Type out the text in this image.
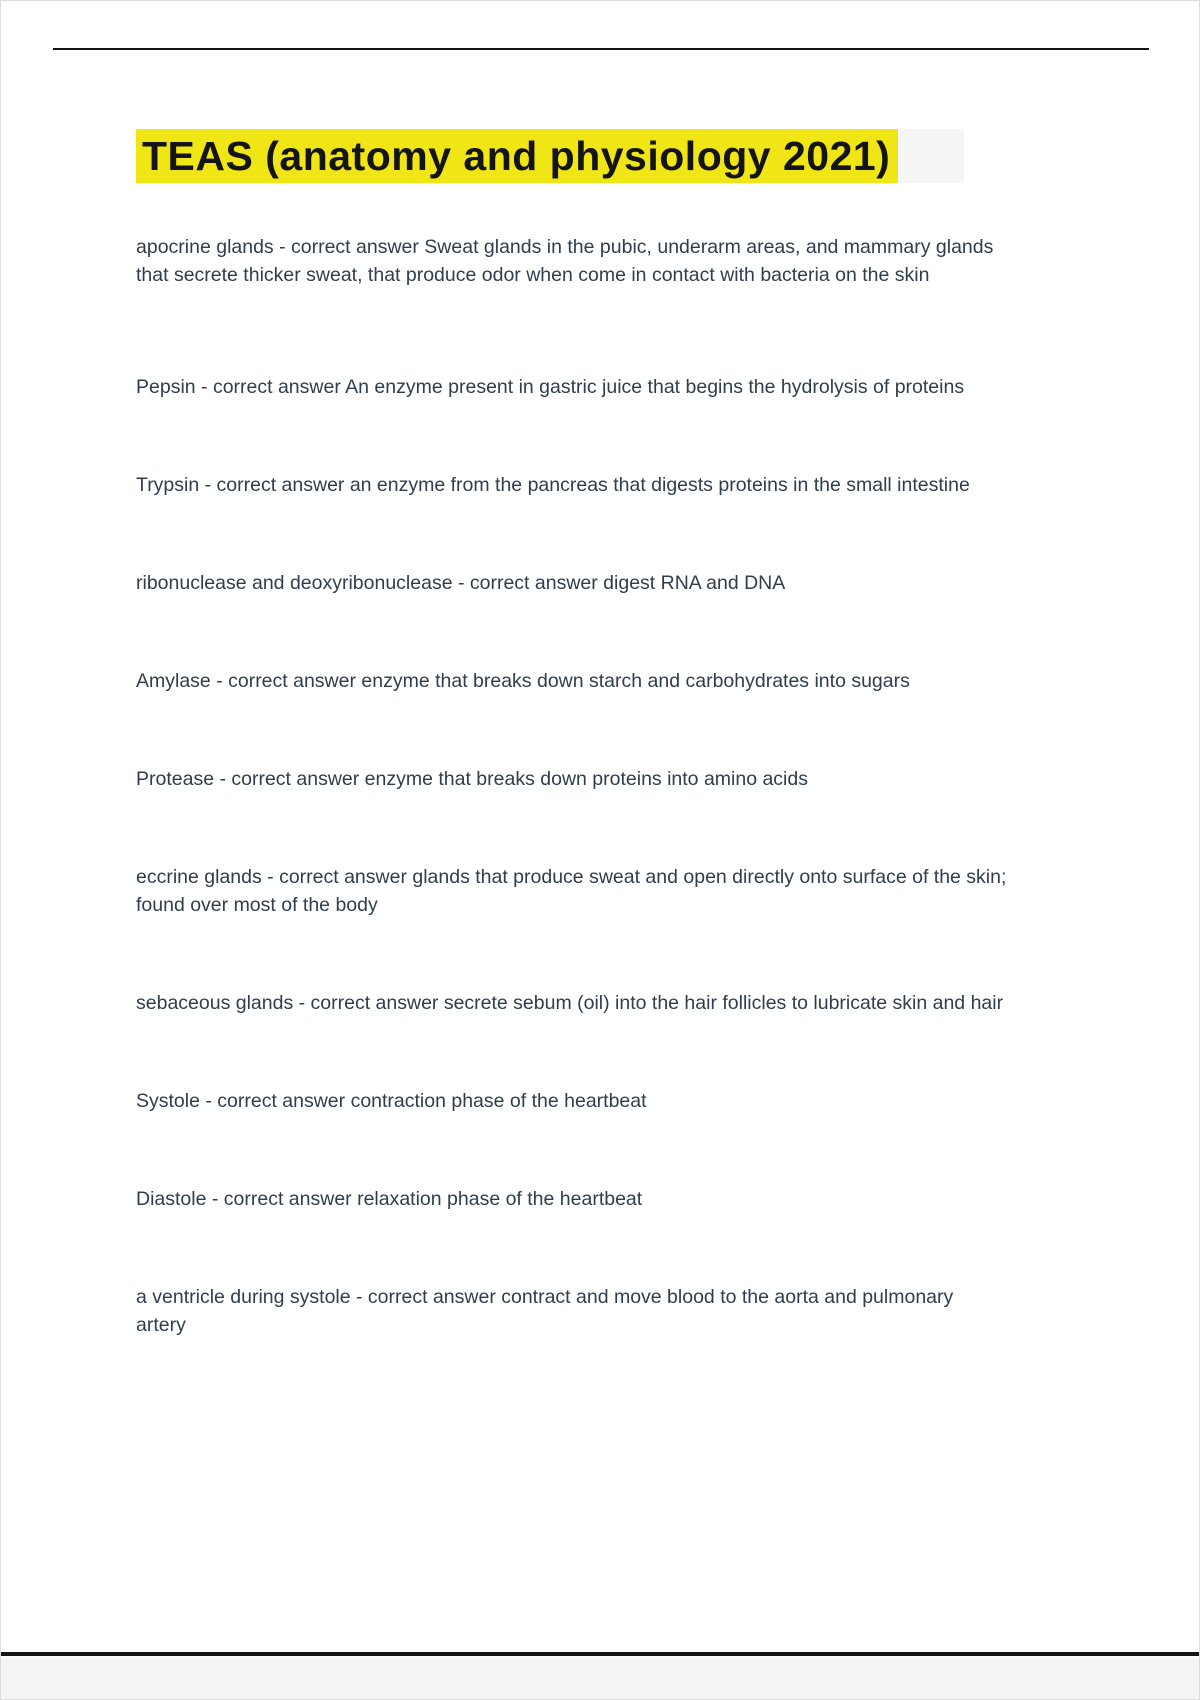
TEAS (anatomy and physiology 2021)

apocrine glands - correct answer Sweat glands in the pubic, underarm areas, and mammary glands that secrete thicker sweat, that produce odor when come in contact with bacteria on the skin

Pepsin - correct answer An enzyme present in gastric juice that begins the hydrolysis of proteins

Trypsin - correct answer an enzyme from the pancreas that digests proteins in the small intestine

ribonuclease and deoxyribonuclease - correct answer digest RNA and DNA

Amylase - correct answer enzyme that breaks down starch and carbohydrates into sugars

Protease - correct answer enzyme that breaks down proteins into amino acids

eccrine glands - correct answer glands that produce sweat and open directly onto surface of the skin; found over most of the body

sebaceous glands - correct answer secrete sebum (oil) into the hair follicles to lubricate skin and hair

Systole - correct answer contraction phase of the heartbeat

Diastole - correct answer relaxation phase of the heartbeat

a ventricle during systole - correct answer contract and move blood to the aorta and pulmonary artery
